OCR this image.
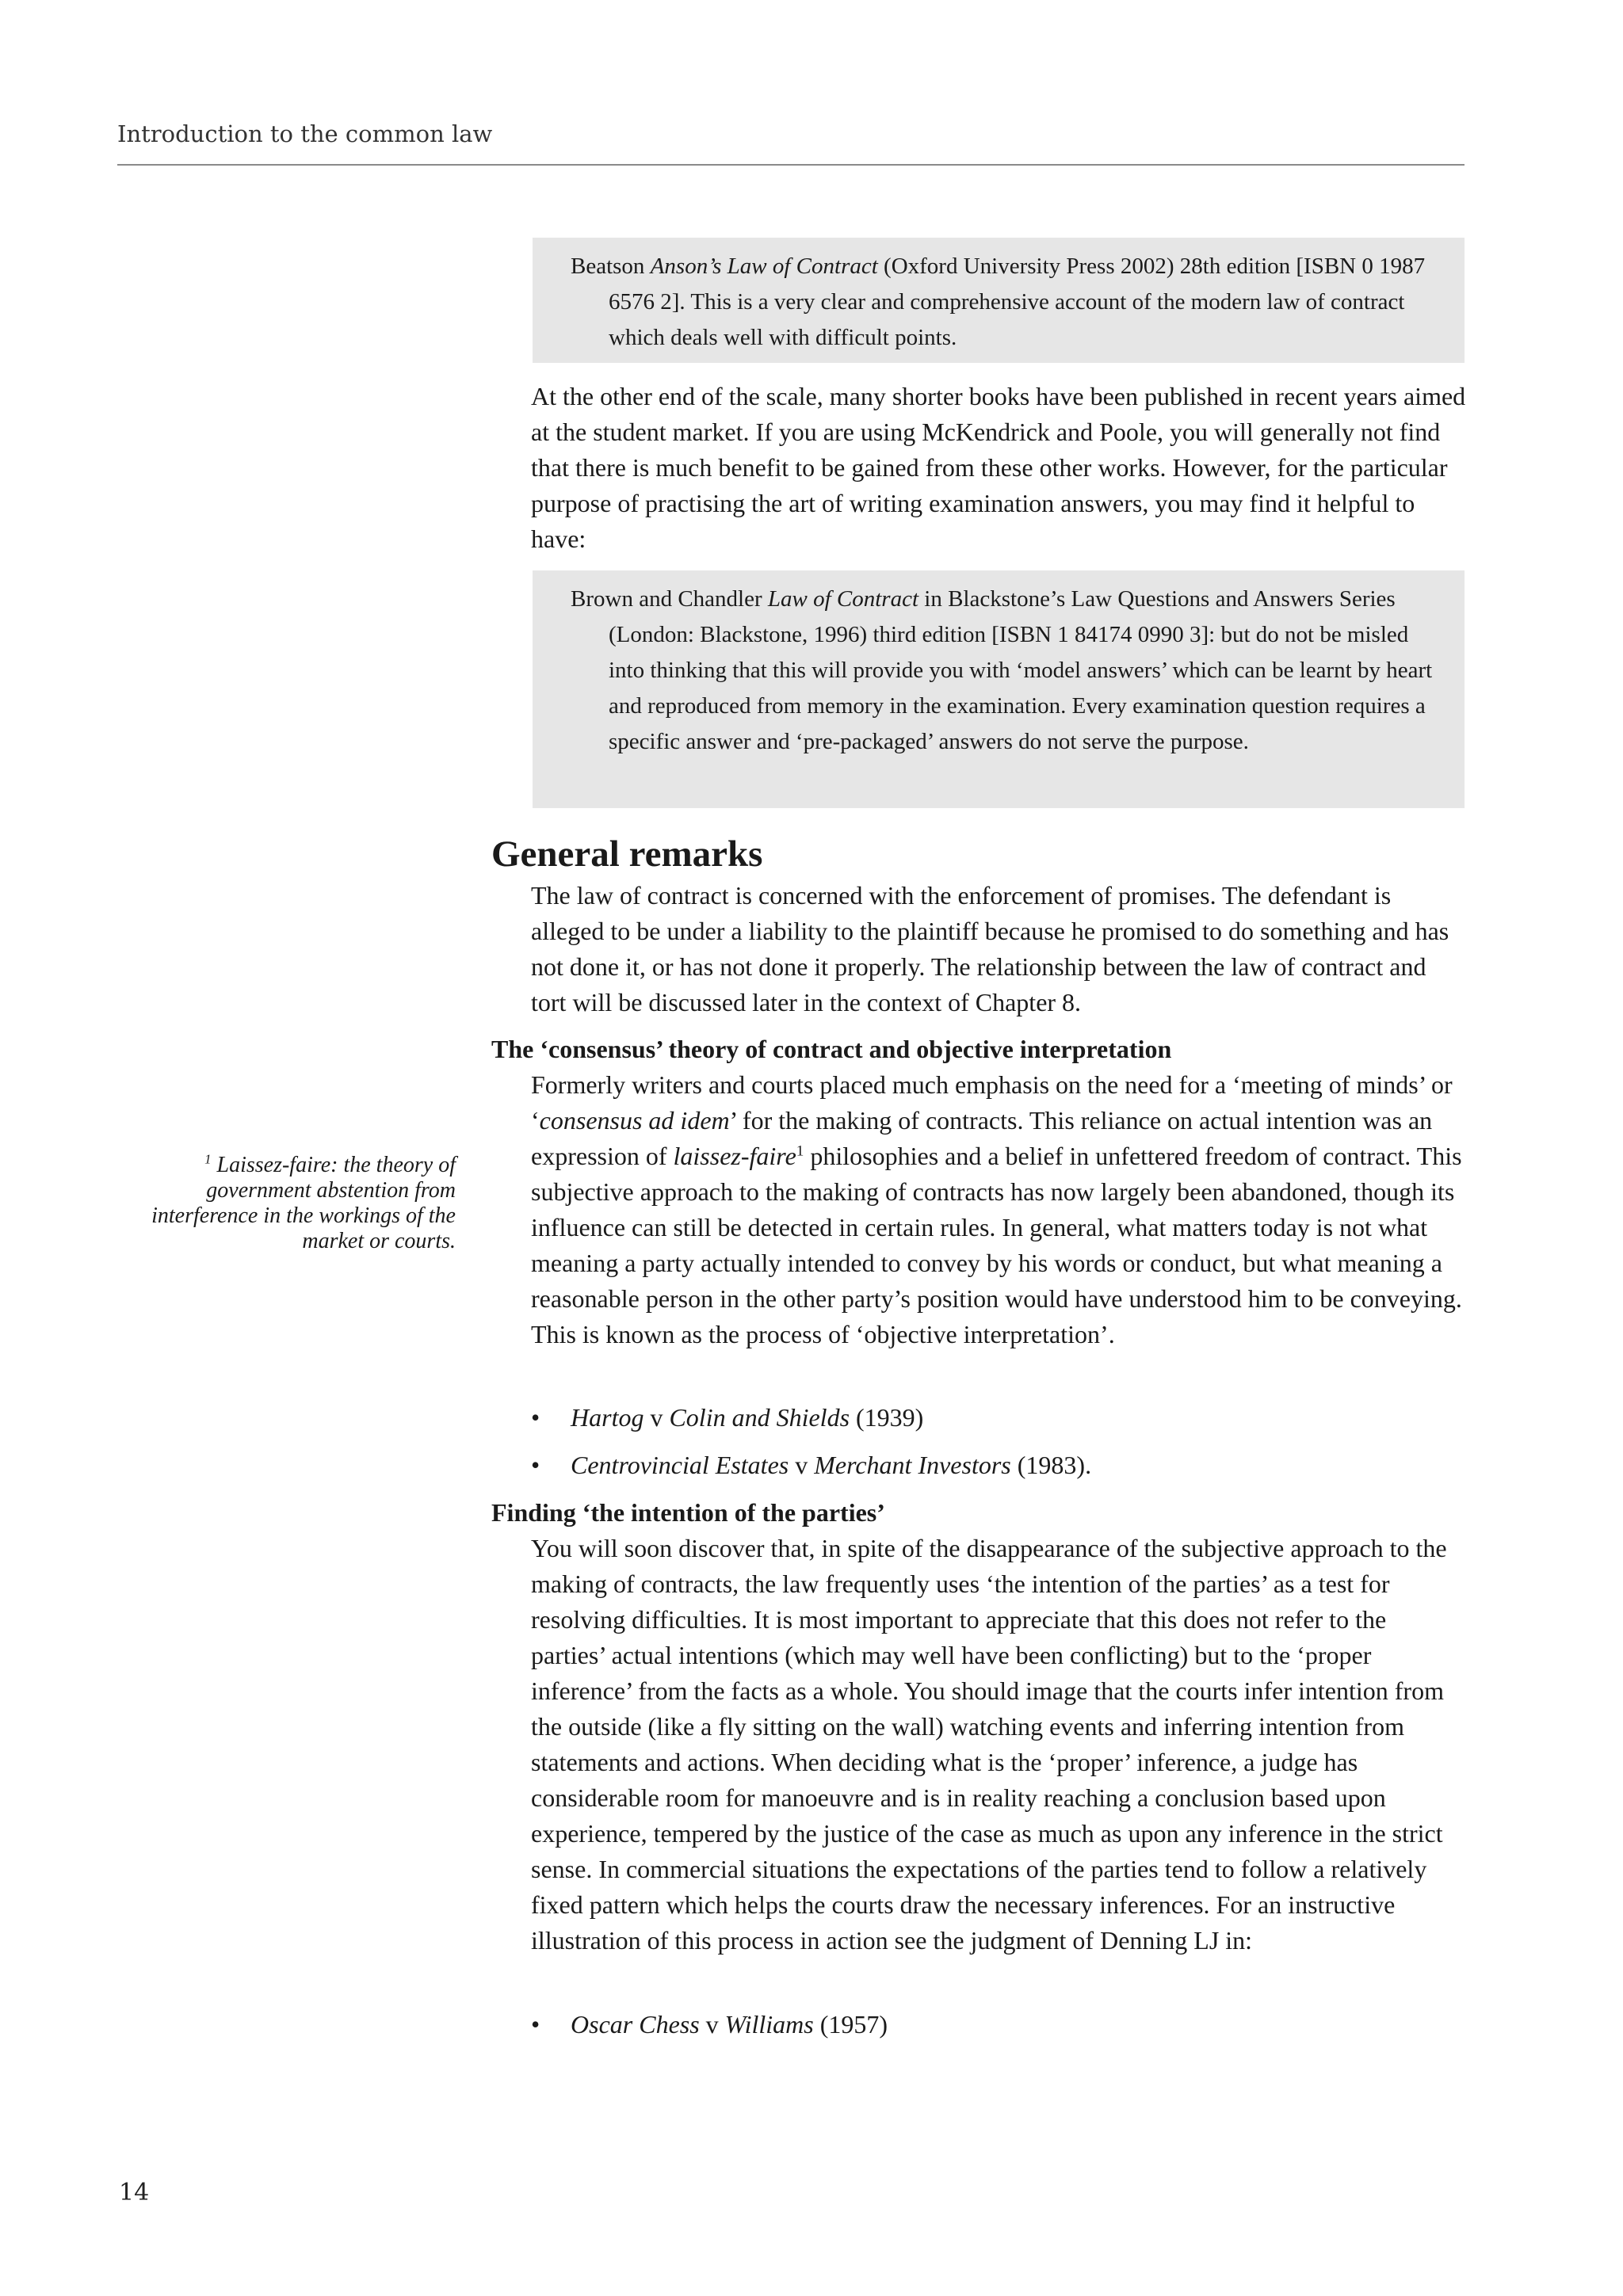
Introduction to the common law

Beatson Anson’s Law of Contract (Oxford University Press 2002) 28th edition [ISBN 0 1987 6576 2]. This is a very clear and comprehensive account of the modern law of contract which deals well with difficult points.

At the other end of the scale, many shorter books have been published in recent years aimed at the student market. If you are using McKendrick and Poole, you will generally not find that there is much benefit to be gained from these other works. However, for the particular purpose of practising the art of writing examination answers, you may find it helpful to have:

Brown and Chandler Law of Contract in Blackstone’s Law Questions and Answers Series (London: Blackstone, 1996) third edition [ISBN 1 84174 0990 3]: but do not be misled into thinking that this will provide you with ‘model answers’ which can be learnt by heart and reproduced from memory in the examination. Every examination question requires a specific answer and ‘pre-packaged’ answers do not serve the purpose.

General remarks

The law of contract is concerned with the enforcement of promises. The defendant is alleged to be under a liability to the plaintiff because he promised to do something and has not done it, or has not done it properly. The relationship between the law of contract and tort will be discussed later in the context of Chapter 8.

The ‘consensus’ theory of contract and objective interpretation

Formerly writers and courts placed much emphasis on the need for a ‘meeting of minds’ or ‘consensus ad idem’ for the making of contracts. This reliance on actual intention was an expression of laissez-faire$^1$ philosophies and a belief in unfettered freedom of contract. This subjective approach to the making of contracts has now largely been abandoned, though its influence can still be detected in certain rules. In general, what matters today is not what meaning a party actually intended to convey by his words or conduct, but what meaning a reasonable person in the other party’s position would have understood him to be conveying. This is known as the process of ‘objective interpretation’.

• Hartog v Colin and Shields (1939)
• Centrovincial Estates v Merchant Investors (1983).
Finding ‘the intention of the parties’

You will soon discover that, in spite of the disappearance of the subjective approach to the making of contracts, the law frequently uses ‘the intention of the parties’ as a test for resolving difficulties. It is most important to appreciate that this does not refer to the parties’ actual intentions (which may well have been conflicting) but to the ‘proper inference’ from the facts as a whole. You should image that the courts infer intention from the outside (like a fly sitting on the wall) watching events and inferring intention from statements and actions. When deciding what is the ‘proper’ inference, a judge has considerable room for manoeuvre and is in reality reaching a conclusion based upon experience, tempered by the justice of the case as much as upon any inference in the strict sense. In commercial situations the expectations of the parties tend to follow a relatively fixed pattern which helps the courts draw the necessary inferences. For an instructive illustration of this process in action see the judgment of Denning LJ in:

• Oscar Chess v Williams (1957)

$^1$ Laissez-faire: the theory of government abstention from interference in the workings of the market or courts.

14
